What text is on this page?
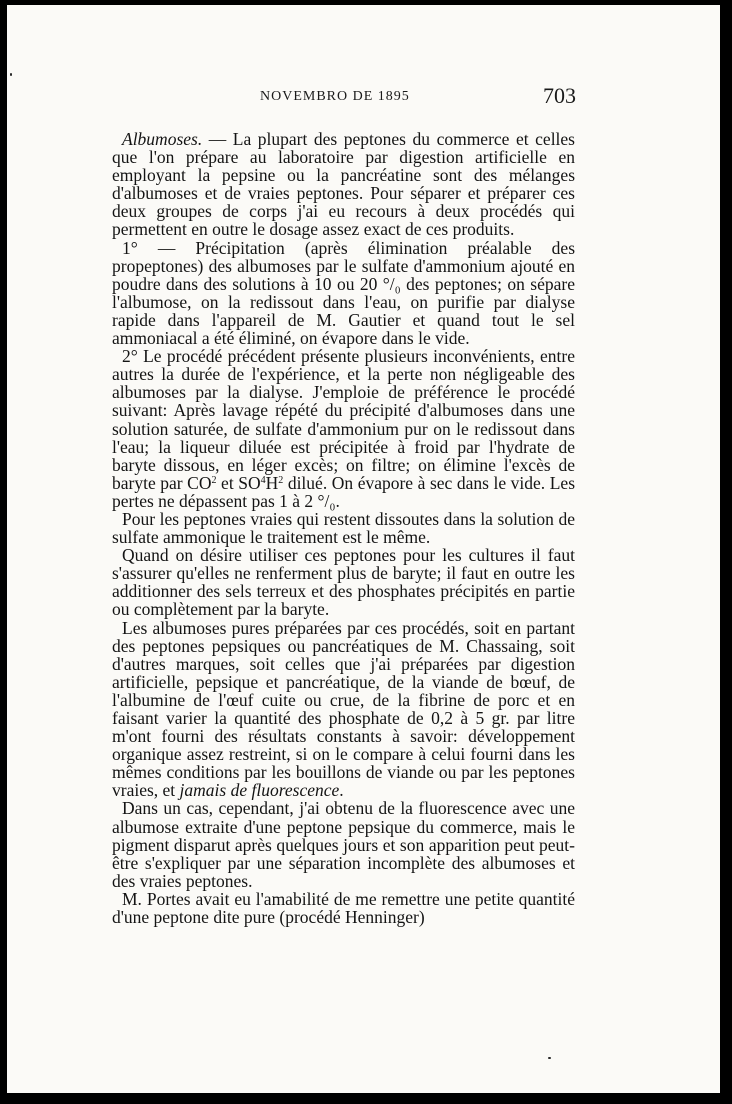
NOVEMBRO DE 1895	703

Albumoses. — La plupart des peptones du commerce et celles que l'on prépare au laboratoire par digestion artificielle en employant la pepsine ou la pancréatine sont des mélanges d'albumoses et de vraies peptones. Pour séparer et préparer ces deux groupes de corps j'ai eu recours à deux procédés qui permettent en outre le dosage assez exact de ces produits.

1° — Précipitation (après élimination préalable des propeptones) des albumoses par le sulfate d'ammonium ajouté en poudre dans des solutions à 10 ou 20 °/₀ des peptones; on sépare l'albumose, on la redissout dans l'eau, on purifie par dialyse rapide dans l'appareil de M. Gautier et quand tout le sel ammoniacal a été éliminé, on évapore dans le vide.

2° Le procédé précédent présente plusieurs inconvénients, entre autres la durée de l'expérience, et la perte non négligeable des albumoses par la dialyse. J'emploie de préférence le procédé suivant: Après lavage répété du précipité d'albumoses dans une solution saturée, de sulfate d'ammonium pur on le redissout dans l'eau; la liqueur diluée est précipitée à froid par l'hydrate de baryte dissous, en léger excès; on filtre; on élimine l'excès de baryte par $CO^2$ et $SO^4H^2$ dilué. On évapore à sec dans le vide. Les pertes ne dépassent pas 1 à 2 °/₀.

Pour les peptones vraies qui restent dissoutes dans la solution de sulfate ammonique le traitement est le même.

Quand on désire utiliser ces peptones pour les cultures il faut s'assurer qu'elles ne renferment plus de baryte; il faut en outre les additionner des sels terreux et des phosphates précipités en partie ou complètement par la baryte.

Les albumoses pures préparées par ces procédés, soit en partant des peptones pepsiques ou pancréatiques de M. Chassaing, soit d'autres marques, soit celles que j'ai préparées par digestion artificielle, pepsique et pancréatique, de la viande de bœuf, de l'albumine de l'œuf cuite ou crue, de la fibrine de porc et en faisant varier la quantité des phosphate de 0,2 à 5 gr. par litre m'ont fourni des résultats constants à savoir: développement organique assez restreint, si on le compare à celui fourni dans les mêmes conditions par les bouillons de viande ou par les peptones vraies, et jamais de fluorescence.

Dans un cas, cependant, j'ai obtenu de la fluorescence avec une albumose extraite d'une peptone pepsique du commerce, mais le pigment disparut après quelques jours et son apparition peut peut-être s'expliquer par une séparation incomplète des albumoses et des vraies peptones.

M. Portes avait eu l'amabilité de me remettre une petite quantité d'une peptone dite pure (procédé Henninger)
